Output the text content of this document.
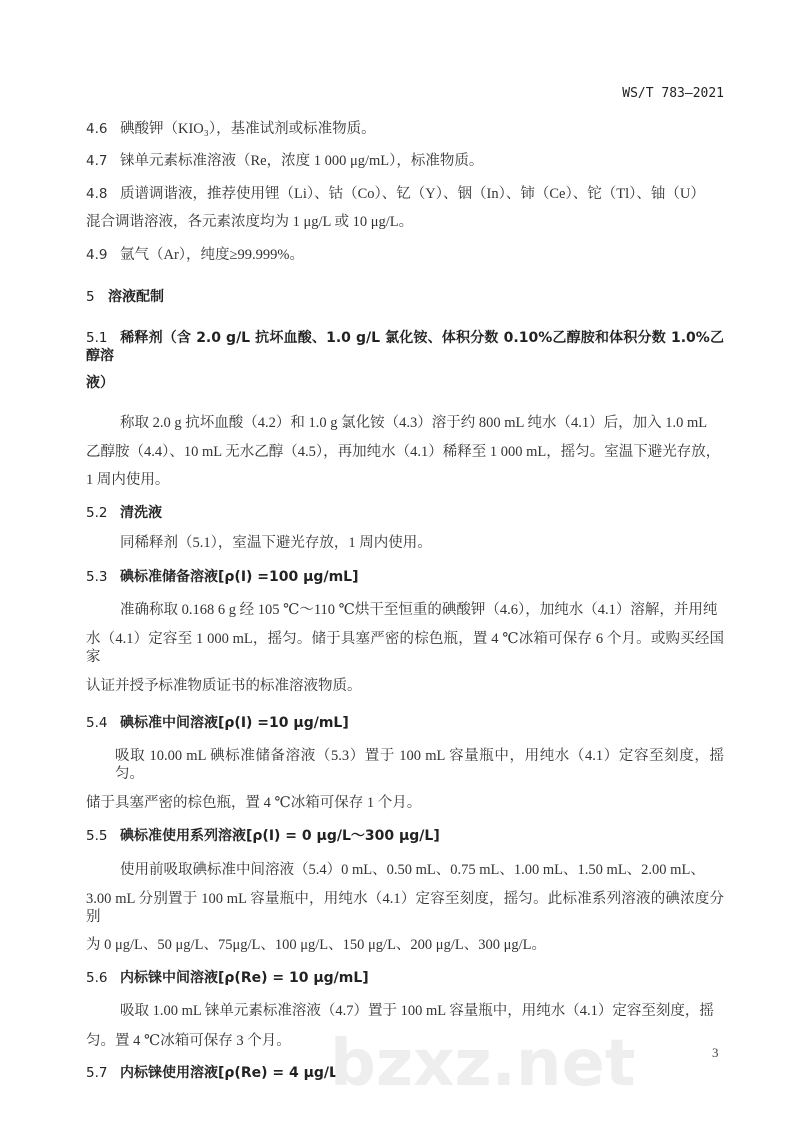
WS/T 783—2021
4.6 碘酸钾（KIO₃），基准试剂或标准物质。
4.7 铼单元素标准溶液（Re，浓度 1 000 μg/mL），标准物质。
4.8 质谱调谐液，推荐使用锂（Li）、钴（Co）、钇（Y）、铟（In）、铈（Ce）、铊（Tl）、铀（U）
混合调谐溶液，各元素浓度均为 1 μg/L 或 10 μg/L。
4.9 氩气（Ar），纯度≥99.999%。
5 溶液配制
5.1 稀释剂（含 2.0 g/L 抗坏血酸、1.0 g/L 氯化铵、体积分数 0.10%乙醇胺和体积分数 1.0%乙醇溶
液）
称取 2.0 g 抗坏血酸（4.2）和 1.0 g 氯化铵（4.3）溶于约 800 mL 纯水（4.1）后，加入 1.0 mL
乙醇胺（4.4）、10 mL 无水乙醇（4.5），再加纯水（4.1）稀释至 1 000 mL，摇匀。室温下避光存放，
1 周内使用。
5.2 清洗液
同稀释剂（5.1），室温下避光存放，1 周内使用。
5.3 碘标准储备溶液[ρ(I) =100 μg/mL]
准确称取 0.168 6 g 经 105 ℃～110 ℃烘干至恒重的碘酸钾（4.6），加纯水（4.1）溶解，并用纯
水（4.1）定容至 1 000 mL，摇匀。储于具塞严密的棕色瓶，置 4 ℃冰箱可保存 6 个月。或购买经国家
认证并授予标准物质证书的标准溶液物质。
5.4 碘标准中间溶液[ρ(I) =10 μg/mL]
吸取 10.00 mL 碘标准储备溶液（5.3）置于 100 mL 容量瓶中，用纯水（4.1）定容至刻度，摇匀。
储于具塞严密的棕色瓶，置 4 ℃冰箱可保存 1 个月。
5.5 碘标准使用系列溶液[ρ(I) = 0 μg/L～300 μg/L]
使用前吸取碘标准中间溶液（5.4）0 mL、0.50 mL、0.75 mL、1.00 mL、1.50 mL、2.00 mL、
3.00 mL 分别置于 100 mL 容量瓶中，用纯水（4.1）定容至刻度，摇匀。此标准系列溶液的碘浓度分别
为 0 μg/L、50 μg/L、75μg/L、100 μg/L、150 μg/L、200 μg/L、300 μg/L。
5.6 内标铼中间溶液[ρ(Re) = 10 μg/mL]
吸取 1.00 mL 铼单元素标准溶液（4.7）置于 100 mL 容量瓶中，用纯水（4.1）定容至刻度，摇
匀。置 4 ℃冰箱可保存 3 个月。
5.7 内标铼使用溶液[ρ(Re) = 4 μg/L]
bzxz.net	3
